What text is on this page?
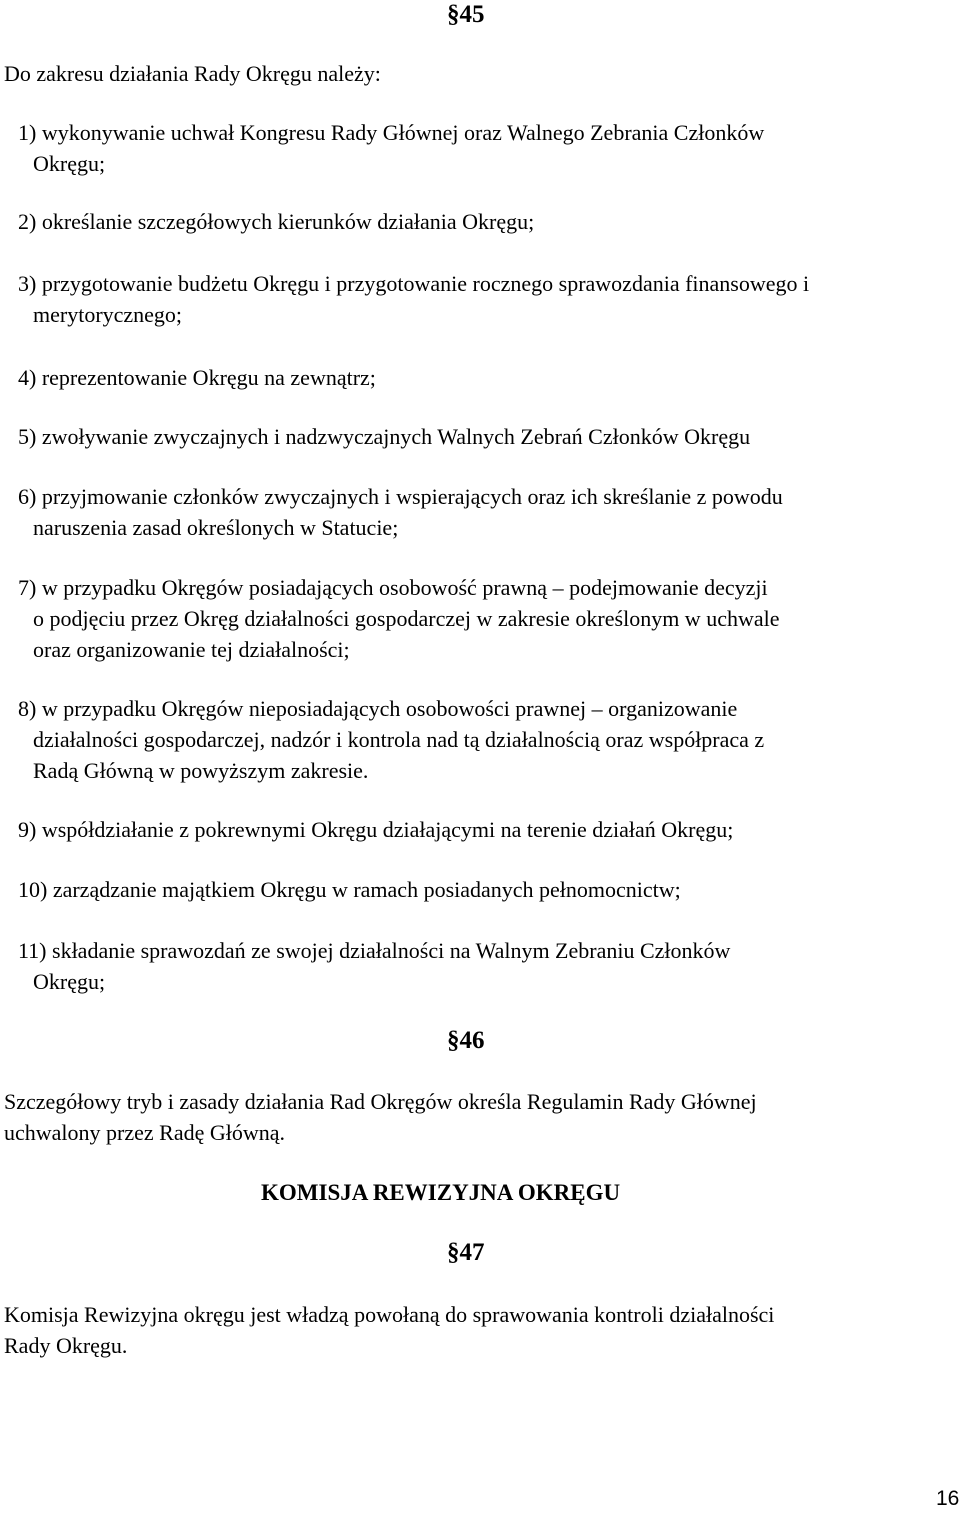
§45
Do zakresu działania Rady Okręgu należy:
1) wykonywanie uchwał Kongresu Rady Głównej oraz Walnego Zebrania Członków
Okręgu;
2) określanie szczegółowych kierunków działania Okręgu;
3) przygotowanie budżetu Okręgu i przygotowanie rocznego sprawozdania finansowego i
merytorycznego;
4) reprezentowanie Okręgu na zewnątrz;
5) zwoływanie zwyczajnych i nadzwyczajnych Walnych Zebrań Członków Okręgu
6) przyjmowanie członków zwyczajnych i wspierających oraz ich skreślanie z powodu
naruszenia zasad określonych w Statucie;
7) w przypadku Okręgów posiadających osobowość prawną – podejmowanie decyzji
o podjęciu przez Okręg działalności gospodarczej w zakresie określonym w uchwale
oraz organizowanie tej działalności;
8) w przypadku Okręgów nieposiadających osobowości prawnej – organizowanie
działalności gospodarczej, nadzór i kontrola nad tą działalnością oraz współpraca z
Radą Główną w powyższym zakresie.
9) współdziałanie z pokrewnymi Okręgu działającymi na terenie działań Okręgu;
10) zarządzanie majątkiem Okręgu w ramach posiadanych pełnomocnictw;
11) składanie sprawozdań ze swojej działalności na Walnym Zebraniu Członków
Okręgu;
§46
Szczegółowy tryb i zasady działania Rad Okręgów określa Regulamin Rady Głównej
uchwalony przez Radę Główną.
KOMISJA REWIZYJNA OKRĘGU
§47
Komisja Rewizyjna okręgu jest władzą powołaną do sprawowania kontroli działalności
Rady Okręgu.
16
